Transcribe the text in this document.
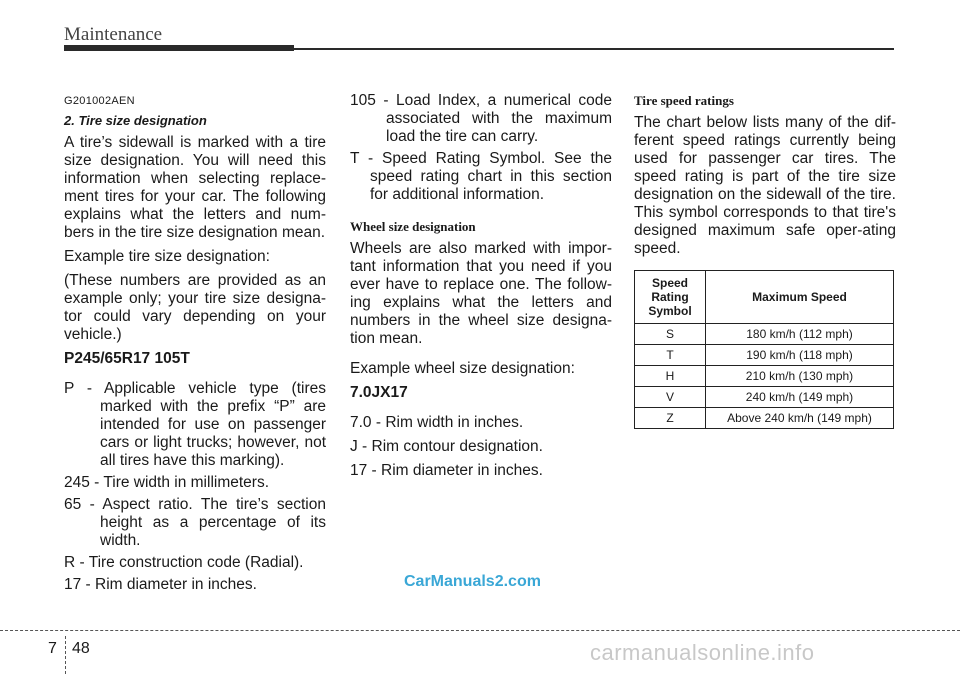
Maintenance
G201002AEN
2. Tire size designation

A tire’s sidewall is marked with a tire size designation. You will need this information when selecting replace-ment tires for your car. The following explains what the letters and num-bers in the tire size designation mean.

Example tire size designation:

(These numbers are provided as an example only; your tire size designa-tor could vary depending on your vehicle.)

P245/65R17 105T

P - Applicable vehicle type (tires marked with the prefix “P” are intended for use on passenger cars or light trucks; however, not all tires have this marking).

245 - Tire width in millimeters.

65 - Aspect ratio. The tire’s section height as a percentage of its width.

R - Tire construction code (Radial).

17 - Rim diameter in inches.

105 - Load Index, a numerical code associated with the maximum load the tire can carry.

T - Speed Rating Symbol. See the speed rating chart in this section for additional information.

Wheel size designation

Wheels are also marked with impor-tant information that you need if you ever have to replace one. The follow-ing explains what the letters and numbers in the wheel size designa-tion mean.

Example wheel size designation:

7.0JX17

7.0 - Rim width in inches.

J - Rim contour designation.

17 - Rim diameter in inches.

Tire speed ratings

The chart below lists many of the dif-ferent speed ratings currently being used for passenger car tires. The speed rating is part of the tire size designation on the sidewall of the tire. This symbol corresponds to that tire's designed maximum safe oper-ating speed.

Speed Rating Symbol	Maximum Speed
S	180 km/h (112 mph)
T	190 km/h (118 mph)
H	210 km/h (130 mph)
V	240 km/h (149 mph)
Z	Above 240 km/h (149 mph)
CarManuals2.com
7 48	carmanualsonline.info
